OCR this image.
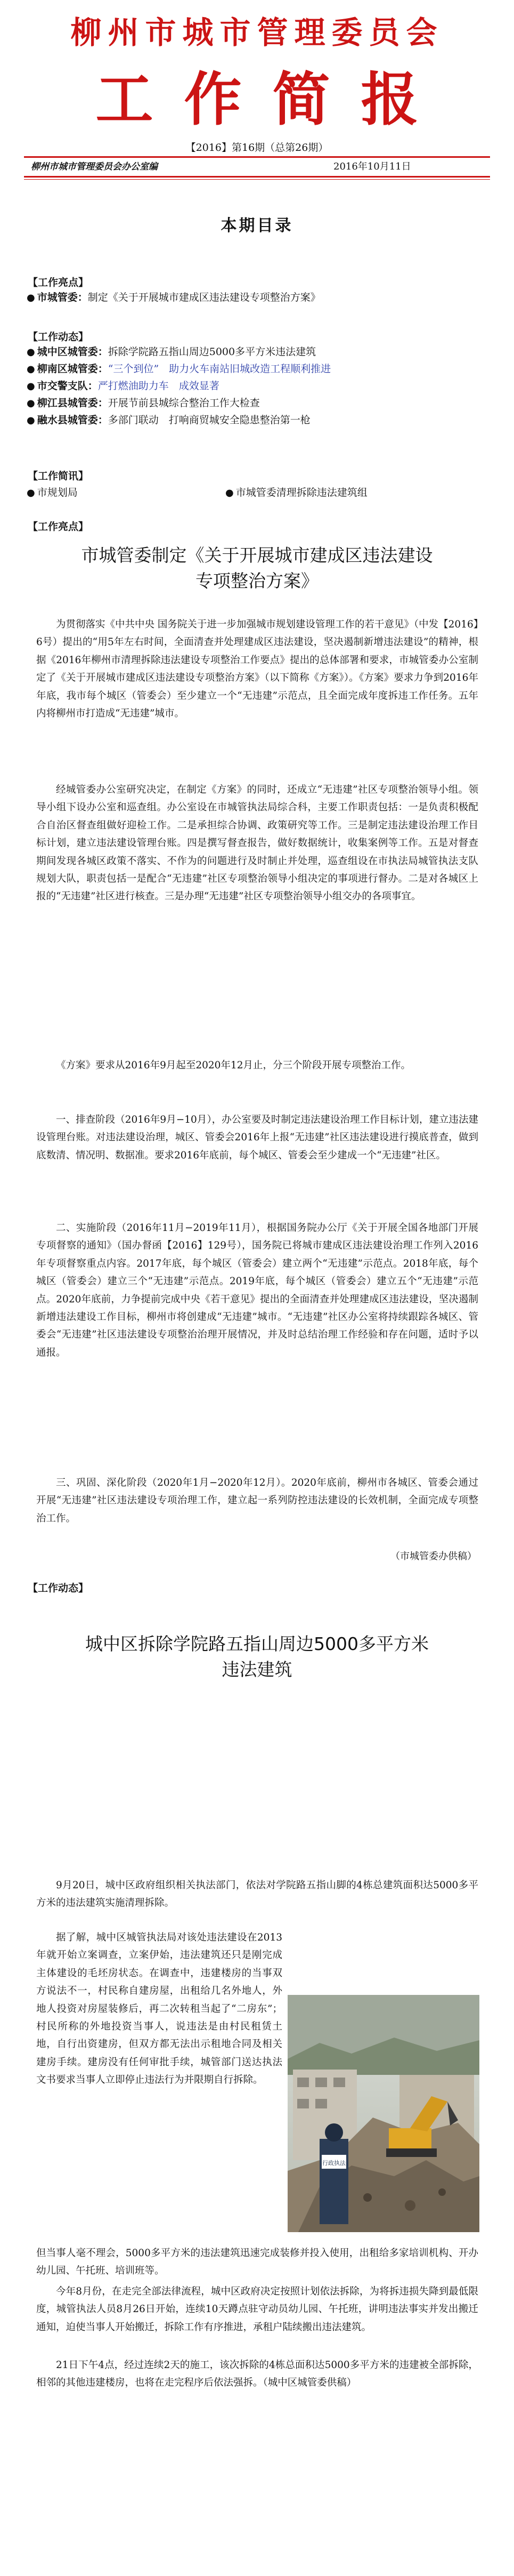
柳州市城市管理委员会
工作简报
【2016】第16期（总第26期）
柳州市城市管理委员会办公室编	2016年10月11日
本期目录
【工作亮点】
● 市城管委：制定《关于开展城市建成区违法建设专项整治方案》
【工作动态】
● 城中区城管委：拆除学院路五指山周边5000多平方米违法建筑
● 柳南区城管委：“三个到位”　助力火车南站旧城改造工程顺利推进
● 市交警支队：严打燃油助力车　成效显著
● 柳江县城管委：开展节前县城综合整治工作大检查
● 融水县城管委：多部门联动　打响商贸城安全隐患整治第一枪
【工作简讯】
● 市规划局	● 市城管委清理拆除违法建筑组
【工作亮点】
市城管委制定《关于开展城市建成区违法建设
专项整治方案》

为贯彻落实《中共中央 国务院关于进一步加强城市规划建设管理工作的若干意见》（中发【2016】6号）提出的“用5年左右时间，全面清查并处理建成区违法建设，坚决遏制新增违法建设”的精神，根据《2016年柳州市清理拆除违法建设专项整治工作要点》提出的总体部署和要求，市城管委办公室制定了《关于开展城市建成区违法建设专项整治方案》（以下简称《方案》）。《方案》要求力争到2016年年底，我市每个城区（管委会）至少建立一个“无违建”示范点，且全面完成年度拆违工作任务。五年内将柳州市打造成“无违建”城市。

经城管委办公室研究决定，在制定《方案》的同时，还成立“无违建”社区专项整治领导小组。领导小组下设办公室和巡查组。办公室设在市城管执法局综合科，主要工作职责包括：一是负责积极配合自治区督查组做好迎检工作。二是承担综合协调、政策研究等工作。三是制定违法建设治理工作目标计划，建立违法建设管理台账。四是撰写督查报告，做好数据统计，收集案例等工作。五是对督查期间发现各城区政策不落实、不作为的问题进行及时制止并处理，巡查组设在市执法局城管执法支队规划大队，职责包括一是配合“无违建”社区专项整治领导小组决定的事项进行督办。二是对各城区上报的“无违建”社区进行核查。三是办理“无违建”社区专项整治领导小组交办的各项事宜。

《方案》要求从2016年9月起至2020年12月止，分三个阶段开展专项整治工作。

一、排查阶段（2016年9月−10月），办公室要及时制定违法建设治理工作目标计划，建立违法建设管理台账。对违法建设治理，城区、管委会2016年上报“无违建”社区违法建设进行摸底普查，做到底数清、情况明、数据准。要求2016年底前，每个城区、管委会至少建成一个“无违建”社区。

二、实施阶段（2016年11月−2019年11月），根据国务院办公厅《关于开展全国各地部门开展专项督察的通知》（国办督函【2016】129号），国务院已将城市建成区违法建设治理工作列入2016年专项督察重点内容。2017年底，每个城区（管委会）建立两个“无违建”示范点。2018年底，每个城区（管委会）建立三个“无违建”示范点。2019年底，每个城区（管委会）建立五个“无违建”示范点。2020年底前，力争提前完成中央《若干意见》提出的全面清查并处理建成区违法建设，坚决遏制新增违法建设工作目标，柳州市将创建成“无违建”城市。“无违建”社区办公室将持续跟踪各城区、管委会“无违建”社区违法建设专项整治治理开展情况，并及时总结治理工作经验和存在问题，适时予以通报。

三、巩固、深化阶段（2020年1月−2020年12月）。2020年底前，柳州市各城区、管委会通过开展“无违建”社区违法建设专项治理工作，建立起一系列防控违法建设的长效机制，全面完成专项整治工作。

（市城管委办供稿）
【工作动态】
城中区拆除学院路五指山周边5000多平方米
违法建筑

9月20日，城中区政府组织相关执法部门，依法对学院路五指山脚的4栋总建筑面积达5000多平方米的违法建筑实施清理拆除。

据了解，城中区城管执法局对该处违法建设在2013年就开始立案调查，立案伊始，违法建筑还只是刚完成主体建设的毛坯房状态。在调查中，违建楼房的当事双方说法不一，村民称自建房屋，出租给几名外地人，外地人投资对房屋装修后，再二次转租当起了“二房东”；村民所称的外地投资当事人，说违法是由村民租赁土地，自行出资建房，但双方都无法出示租地合同及相关建房手续。建房没有任何审批手续，城管部门送达执法文书要求当事人立即停止违法行为并限期自行拆除。

行政执法

但当事人毫不理会，5000多平方米的违法建筑迅速完成装修并投入使用，出租给多家培训机构、开办幼儿园、午托班、培训班等。

今年8月份，在走完全部法律流程，城中区政府决定按照计划依法拆除，为将拆违损失降到最低限度，城管执法人员8月26日开始，连续10天蹲点驻守动员幼儿园、午托班，讲明违法事实并发出搬迁通知，迫使当事人开始搬迁，拆除工作有序推进，承租户陆续搬出违法建筑。

21日下午4点，经过连续2天的施工，该次拆除的4栋总面积达5000多平方米的违建被全部拆除，相邻的其他违建楼房，也将在走完程序后依法强拆。（城中区城管委供稿）
